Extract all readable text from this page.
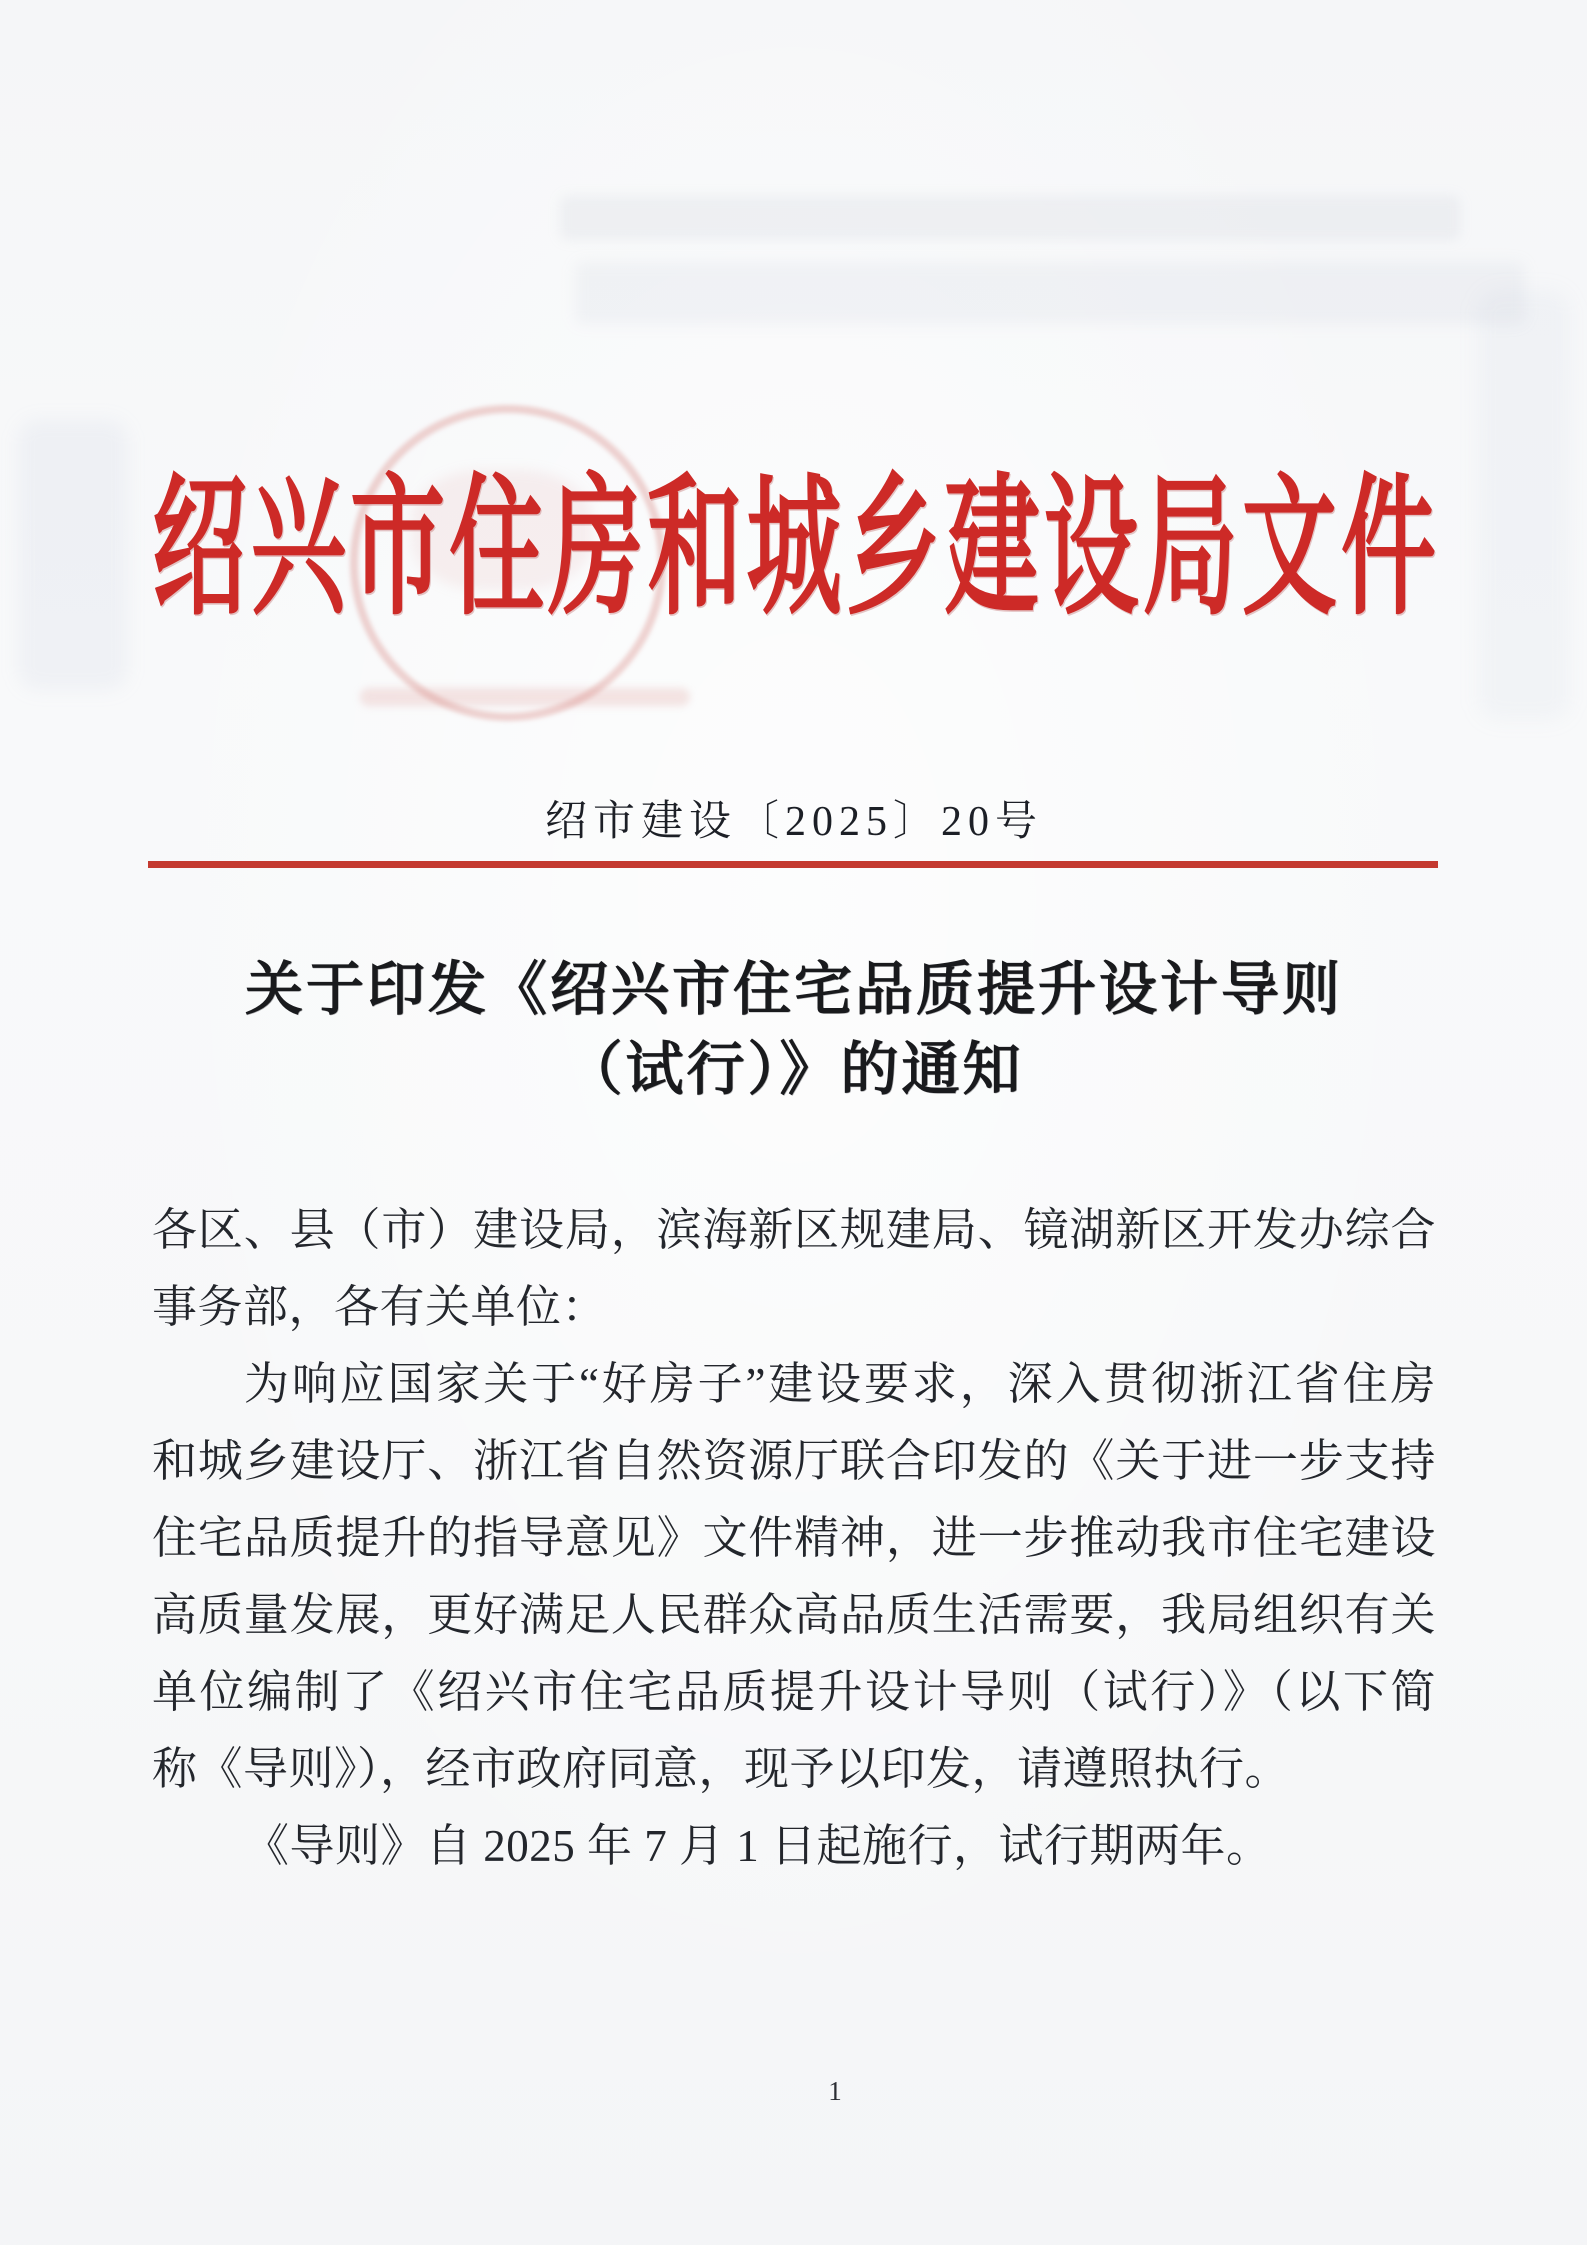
绍 兴 市 住 房 和 城 乡 建 设 局 文 件
绍市建设〔2025〕20号
关于印发《绍兴市住宅品质提升设计导则
（试行）》的通知
各区、县（市）建设局，滨海新区规建局、镜湖新区开发办综合
事务部，各有关单位：
为响应国家关于“好房子”建设要求，深入贯彻浙江省住房
和城乡建设厅、浙江省自然资源厅联合印发的《关于进一步支持
住宅品质提升的指导意见》文件精神，进一步推动我市住宅建设
高质量发展，更好满足人民群众高品质生活需要，我局组织有关
单位编制了《绍兴市住宅品质提升设计导则（试行）》（以下简
称《导则》），经市政府同意，现予以印发，请遵照执行。
《导则》自 2025 年 7 月 1 日起施行，试行期两年。
1
